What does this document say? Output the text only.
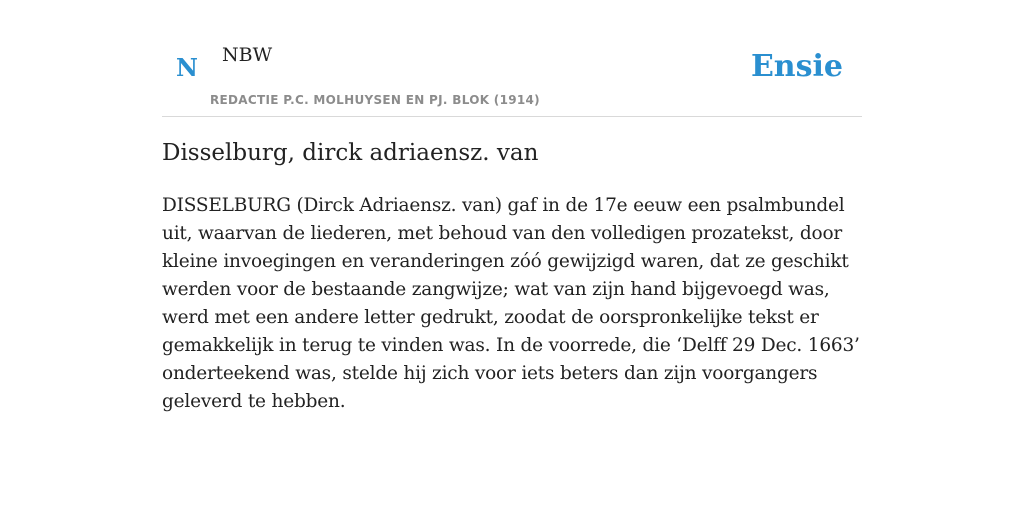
N NBW
REDACTIE P.C. MOLHUYSEN EN PJ. BLOK (1914)
Ensie
Disselburg, dirck adriaensz. van

DISSELBURG (Dirck Adriaensz. van) gaf in de 17e eeuw een psalmbundel uit, waarvan de liederen, met behoud van den volledigen prozatekst, door kleine invoegingen en veranderingen zóó gewijzigd waren, dat ze geschikt werden voor de bestaande zangwijze; wat van zijn hand bijgevoegd was, werd met een andere letter gedrukt, zoodat de oorspronkelijke tekst er gemakkelijk in terug te vinden was. In de voorrede, die ‘Delff 29 Dec. 1663’ onderteekend was, stelde hij zich voor iets beters dan zijn voorgangers geleverd te hebben.
